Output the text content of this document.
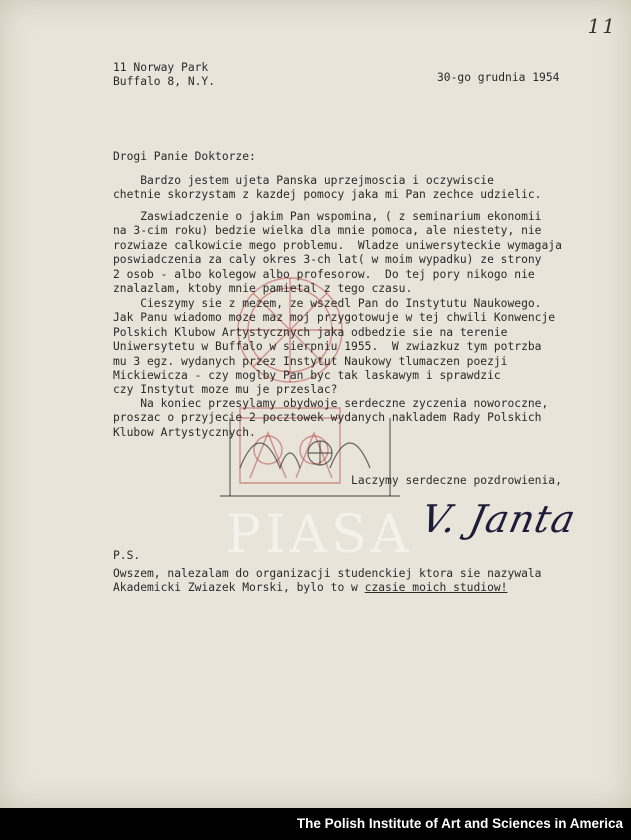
11
11 Norway Park
Buffalo 8, N.Y.	30-go grudnia 1954
Drogi Panie Doktorze:
Bardzo jestem ujeta Panska uprzejmoscia i oczywiscie
chetnie skorzystam z kazdej pomocy jaka mi Pan zechce udzielic.
Zaswiadczenie o jakim Pan wspomina, ( z seminarium ekonomii
na 3-cim roku) bedzie wielka dla mnie pomoca, ale niestety, nie
rozwiaze calkowicie mego problemu.  Wladze uniwersyteckie wymagaja
poswiadczenia za caly okres 3-ch lat( w moim wypadku) ze strony
2 osob - albo kolegow albo profesorow.  Do tej pory nikogo nie
znalazlam, ktoby mnie pamietal z tego czasu.
Cieszymy sie z mezem, ze wszedl Pan do Instytutu Naukowego.
Jak Panu wiadomo moze maz moj przygotowuje w tej chwili Konwencje
Polskich Klubow Artystycznych jaka odbedzie sie na terenie
Uniwersytetu w Buffalo w sierpniu 1955.  W zwiazkuz tym potrzba
mu 3 egz. wydanych przez Instytut Naukowy tlumaczen poezji
Mickiewicza - czy moglby Pan byc tak laskawym i sprawdzic
czy Instytut moze mu je przeslac?
Na koniec przesylamy obydwoje serdeczne zyczenia noworoczne,
proszac o przyjecie 2 pocztowek wydanych nakladem Rady Polskich
Klubow Artystycznych.
Laczymy serdeczne pozdrowienia,
V. Janta
PIASA
P.S.
Owszem, nalezalam do organizacji studenckiej ktora sie nazywala
Akademicki Zwiazek Morski, bylo to w czasie moich studiow!
The Polish Institute of Art and Sciences in America
